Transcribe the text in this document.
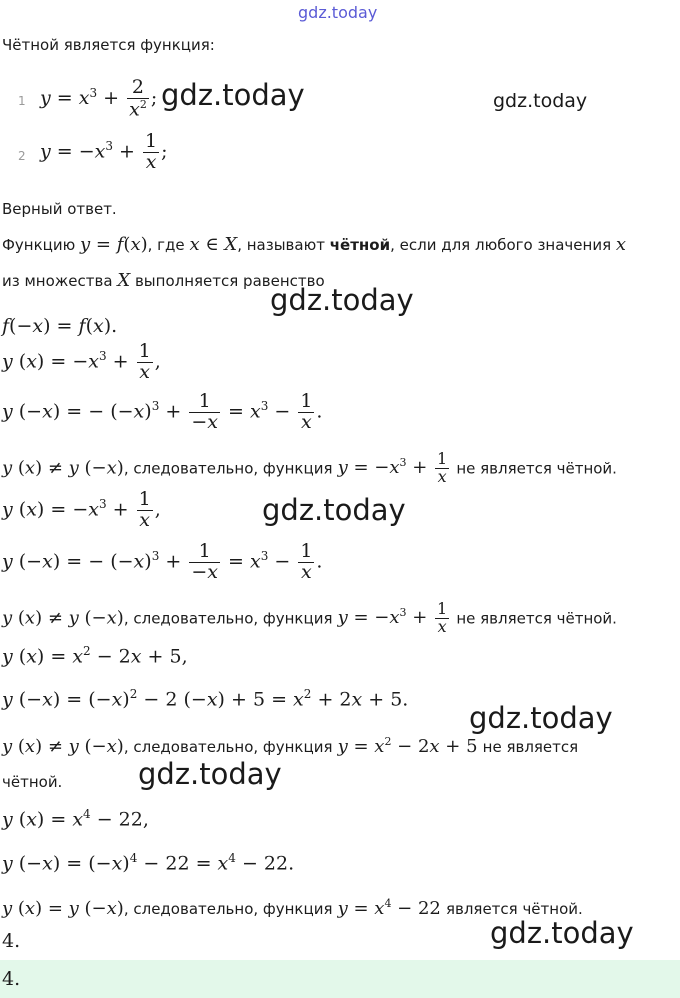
gdz.today
Чётной является функция:
1 $y = x^3 + \frac{2}{x^2}$ ; gdz.today	gdz.today
2 $y = -x^3 + \frac{1}{x}$ ;
Верный ответ.
Функцию y = f(x), где x ∈ X, называют чётной, если для любого значения x
из множества X выполняется равенство
gdz.today
f(−x) = f(x).
y $(x) = -x^3 + \frac{1}{x}$ ,
y (−x) = − $(-x)^3 + \frac{1}{-x} = x^3 - \frac{1}{x}$ .
y (x) ≠ y (−x), следовательно, функция $y = -x^3 + \frac{1}{x}$ не является чётной.
y $(x) = -x^3 + \frac{1}{x}$ ,	gdz.today
y (−x) = − $(-x)^3 + \frac{1}{-x} = x^3 - \frac{1}{x}$ .
y (x) ≠ y (−x), следовательно, функция $y = -x^3 + \frac{1}{x}$ не является чётной.
y $(x) = x^2 - 2x + 5$,
y $(-x) = (-x)^2 - 2$ $(-x) + 5 = x^2 + 2x + 5$.
gdz.today
y (x) ≠ y (−x), следовательно, функция $y = x^2 - 2x + 5$ не является
чётной.	gdz.today
y $(x) = x^4 - 22$,
y $(-x) = (-x)^4 - 22 = x^4 - 22$.
y (x) = y (−x), следовательно, функция $y = x^4 - 22$ является чётной.
4.	gdz.today
4.
